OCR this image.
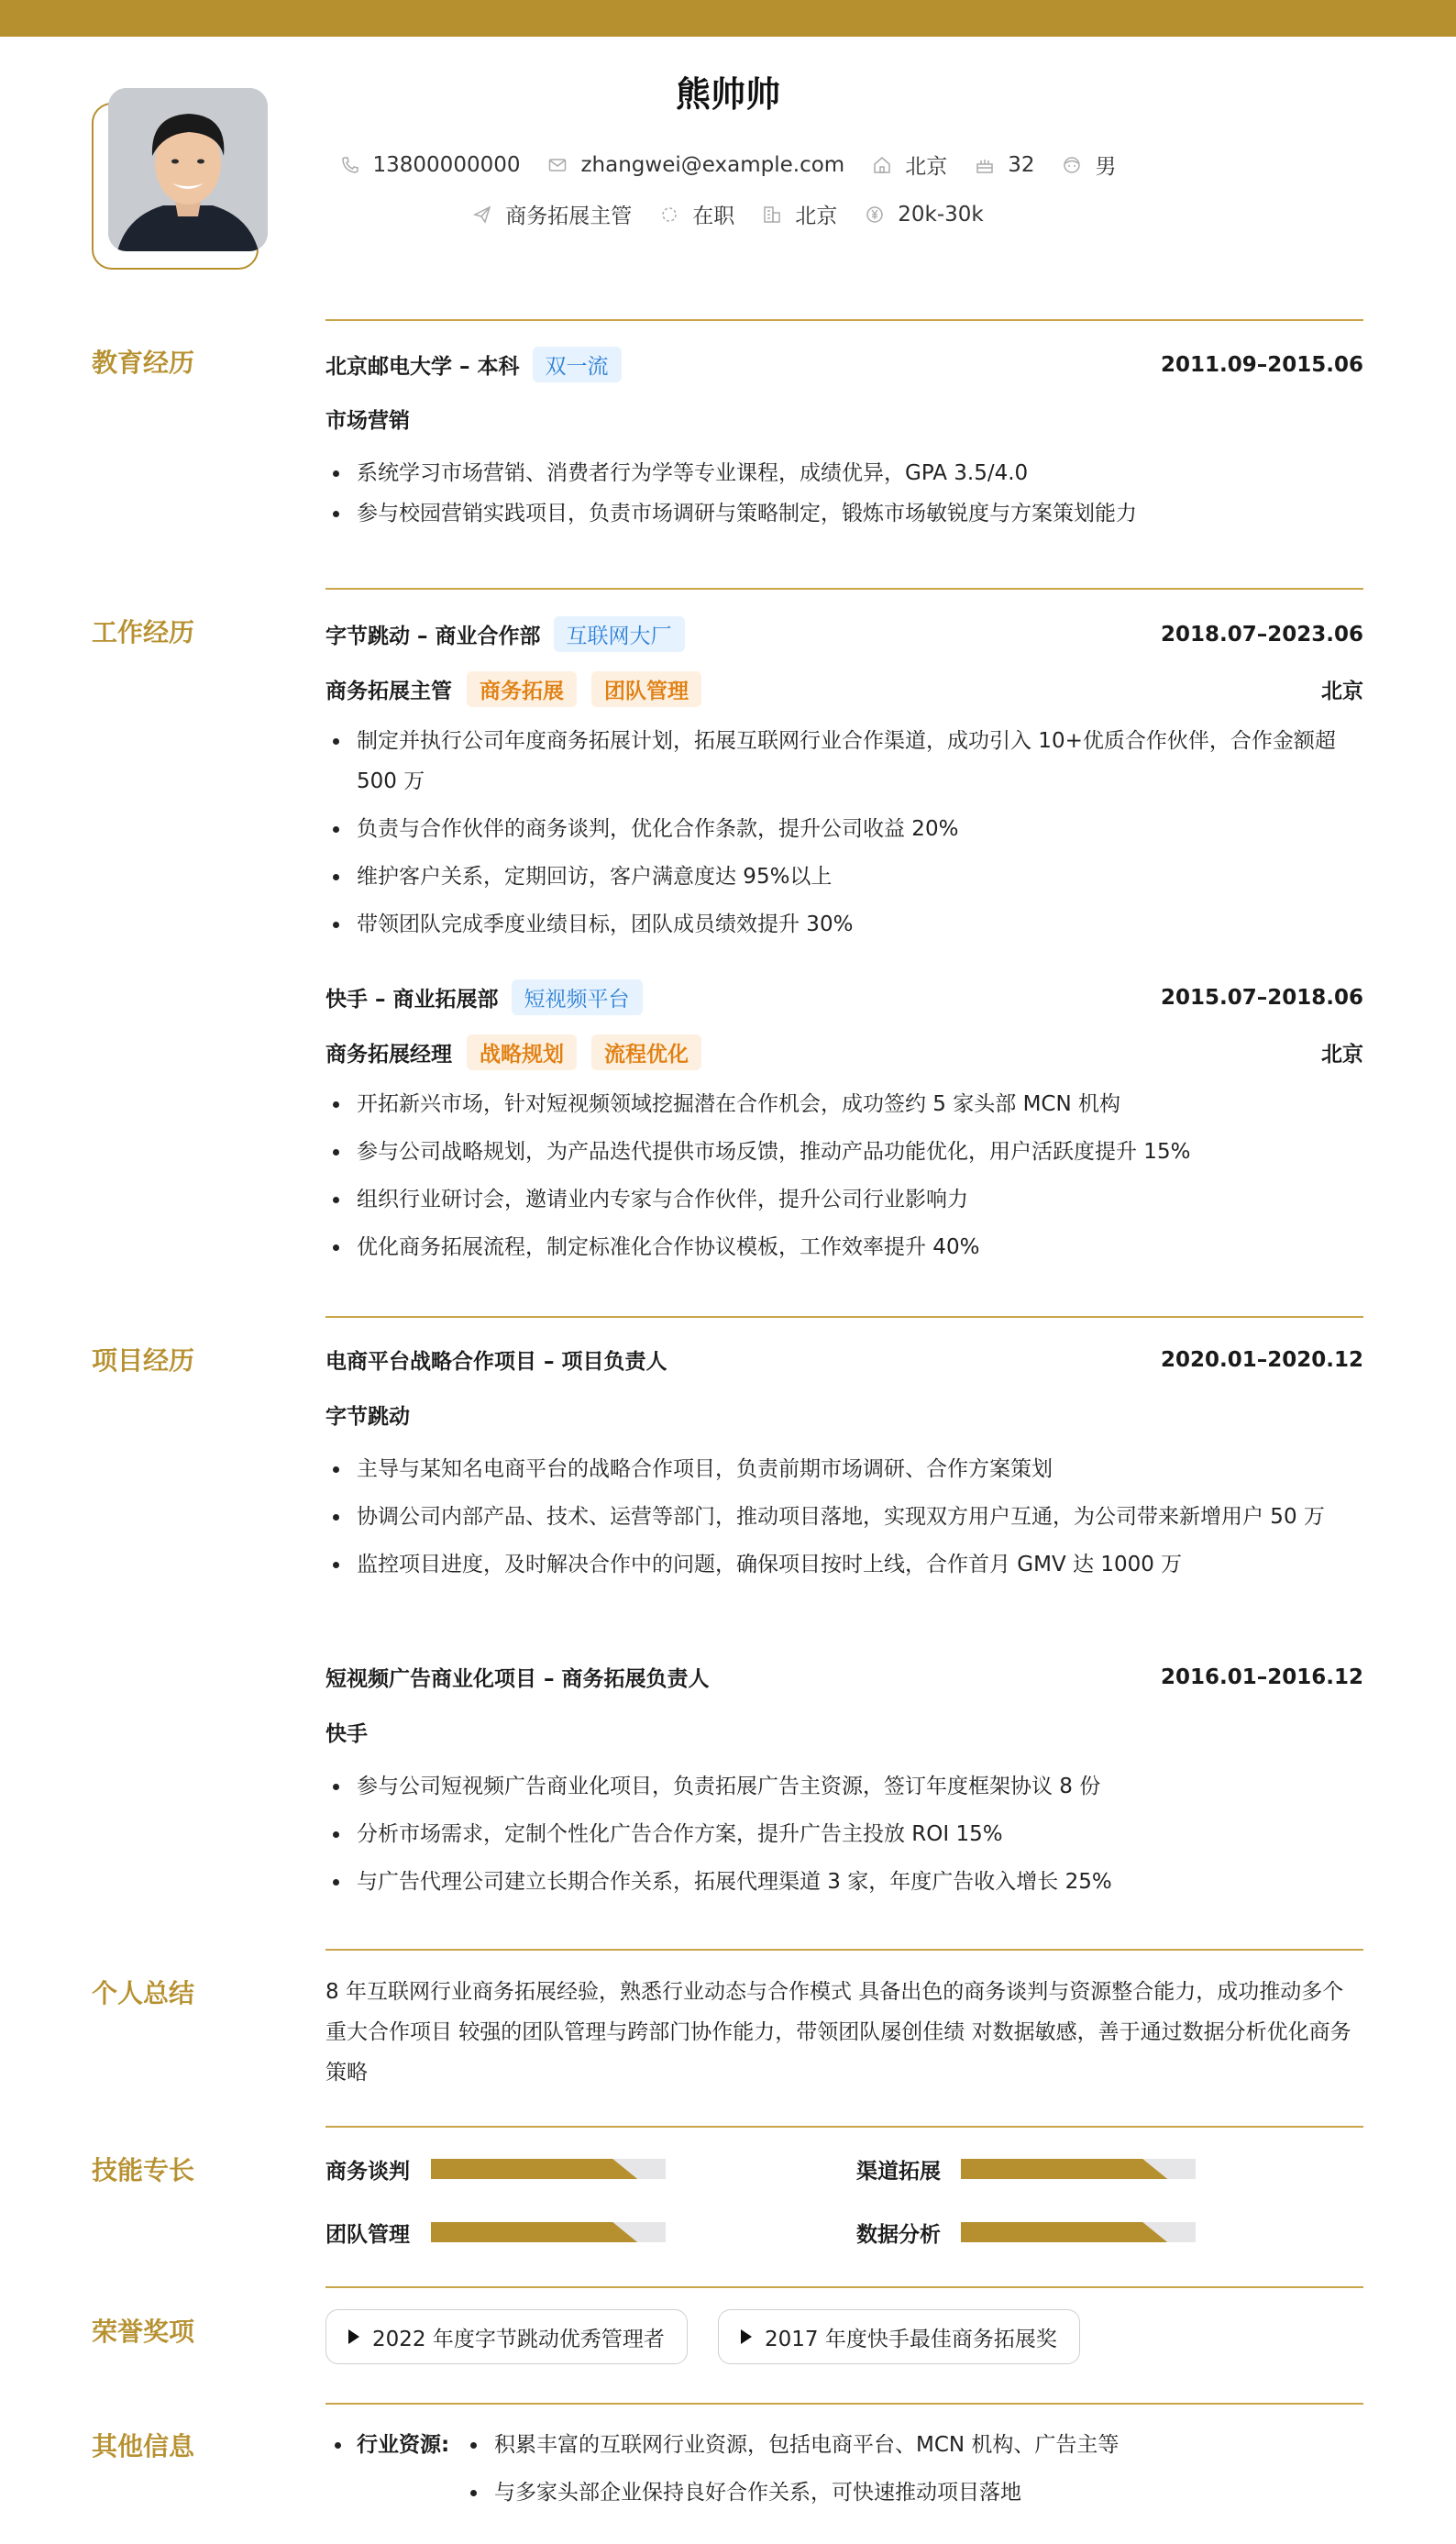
熊帅帅
13800000000	zhangwei@example.com	北京	32	男
商务拓展主管	在职	北京	20k-30k
教育经历	北京邮电大学 – 本科	双一流	2011.09–2015.06
市场营销
系统学习市场营销、消费者行为学等专业课程，成绩优异，GPA 3.5/4.0
参与校园营销实践项目，负责市场调研与策略制定，锻炼市场敏锐度与方案策划能力
工作经历	字节跳动 – 商业合作部	互联网大厂	2018.07–2023.06
商务拓展主管	商务拓展	团队管理	北京
制定并执行公司年度商务拓展计划，拓展互联网行业合作渠道，成功引入 10+优质合作伙伴，合作金额超 500 万
负责与合作伙伴的商务谈判，优化合作条款，提升公司收益 20%
维护客户关系，定期回访，客户满意度达 95%以上
带领团队完成季度业绩目标，团队成员绩效提升 30%
快手 – 商业拓展部	短视频平台	2015.07–2018.06
商务拓展经理	战略规划	流程优化	北京
开拓新兴市场，针对短视频领域挖掘潜在合作机会，成功签约 5 家头部 MCN 机构
参与公司战略规划，为产品迭代提供市场反馈，推动产品功能优化，用户活跃度提升 15%
组织行业研讨会，邀请业内专家与合作伙伴，提升公司行业影响力
优化商务拓展流程，制定标准化合作协议模板，工作效率提升 40%
项目经历	电商平台战略合作项目 – 项目负责人	2020.01–2020.12
字节跳动
主导与某知名电商平台的战略合作项目，负责前期市场调研、合作方案策划
协调公司内部产品、技术、运营等部门，推动项目落地，实现双方用户互通，为公司带来新增用户 50 万
监控项目进度，及时解决合作中的问题，确保项目按时上线，合作首月 GMV 达 1000 万
短视频广告商业化项目 – 商务拓展负责人	2016.01–2016.12
快手
参与公司短视频广告商业化项目，负责拓展广告主资源，签订年度框架协议 8 份
分析市场需求，定制个性化广告合作方案，提升广告主投放 ROI 15%
与广告代理公司建立长期合作关系，拓展代理渠道 3 家，年度广告收入增长 25%
个人总结	8 年互联网行业商务拓展经验，熟悉行业动态与合作模式 具备出色的商务谈判与资源整合能力，成功推动多个重大合作项目 较强的团队管理与跨部门协作能力，带领团队屡创佳绩 对数据敏感，善于通过数据分析优化商务策略

技能专长	商务谈判	渠道拓展
团队管理	数据分析
荣誉奖项	2022 年度字节跳动优秀管理者	2017 年度快手最佳商务拓展奖
其他信息	行业资源:	积累丰富的互联网行业资源，包括电商平台、MCN 机构、广告主等
与多家头部企业保持良好合作关系，可快速推动项目落地
